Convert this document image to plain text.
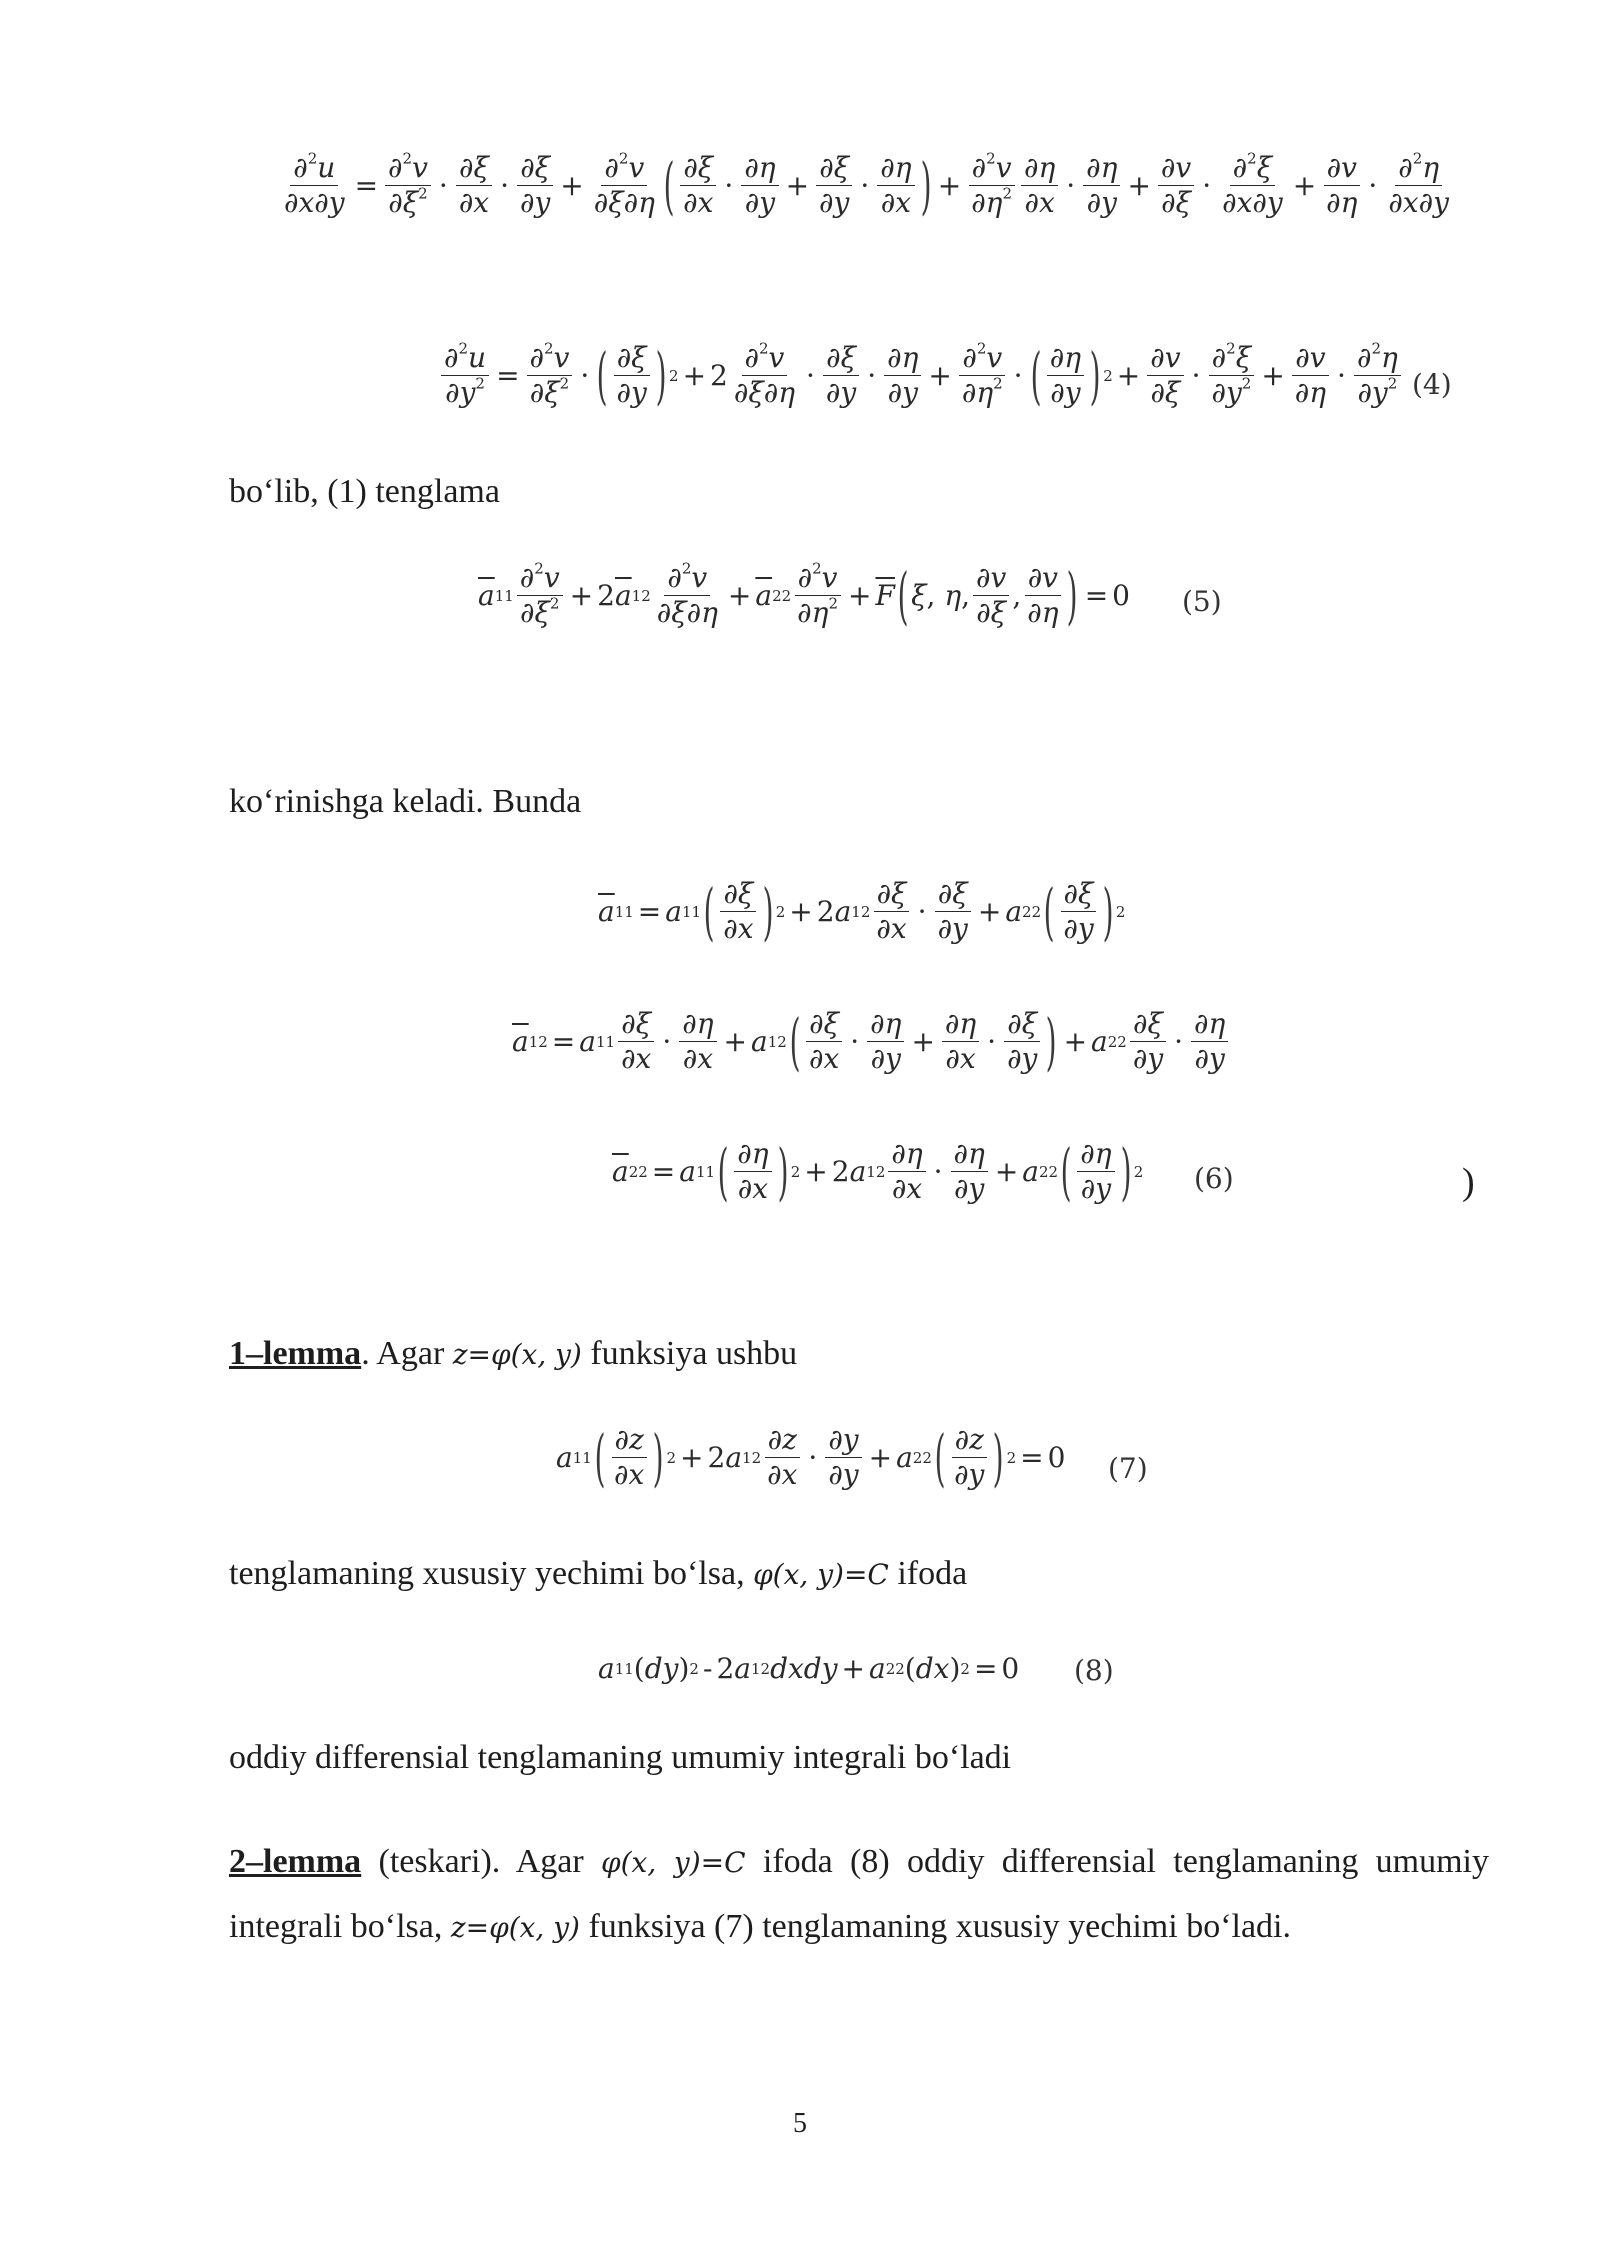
$\frac{\partial^2u}{\partial x\partial y} = \frac{\partial^2v}{\partial\xi^2} \cdot \frac{\partial\xi}{\partial x} \cdot \frac{\partial\xi}{\partial y} + \frac{\partial^2v}{\partial\xi\partial\eta}$ ( $\frac{\partial\xi}{\partial x} \cdot \frac{\partial\eta}{\partial y} + \frac{\partial\xi}{\partial y} \cdot \frac{\partial\eta}{\partial x}$ ) + $\frac{\partial^2v}{\partial\eta^2} \frac{\partial\eta}{\partial x} \cdot \frac{\partial\eta}{\partial y} + \frac{\partial v}{\partial\xi} \cdot \frac{\partial^2\xi}{\partial x\partial y} + \frac{\partial v}{\partial\eta} \cdot \frac{\partial^2\eta}{\partial x\partial y}$
$\frac{\partial^2u}{\partial y^2} = \frac{\partial^2v}{\partial\xi^2}$ · ( $\frac{\partial\xi}{\partial y}$ ) $2 + 2 \frac{\partial^2v}{\partial\xi\partial\eta} \cdot \frac{\partial\xi}{\partial y} \cdot \frac{\partial\eta}{\partial y} + \frac{\partial^2v}{\partial\eta^2}$ · ( $\frac{\partial\eta}{\partial y}$ ) $2 + \frac{\partial v}{\partial\xi} \cdot \frac{\partial^2\xi}{\partial y^2} + \frac{\partial v}{\partial\eta} \cdot \frac{\partial^2\eta}{\partial y^2} (4)$
bo‘lib, (1) tenglama
$\overline{a}$ $11 \frac{\partial^2v}{\partial\xi^2} + 2$ $\overline{a}$ $12 \frac{\partial^2v}{\partial\xi\partial\eta} + \overline{a}$ $22 \frac{\partial^2v}{\partial\eta^2} + \overline{F}$ ( ξ , η , $\frac{\partial v}{\partial\xi}$ , $\frac{\partial v}{\partial\eta}$ ) = 0 (5)
ko‘rinishga keladi. Bunda
$\overline{a}$ 11 = a 11 ( $\frac{\partial\xi}{\partial x}$ ) 2 + 2 a $12 \frac{\partial\xi}{\partial x} \cdot \frac{\partial\xi}{\partial y} + a$ 22 ( $\frac{\partial\xi}{\partial y}$ ) 2
$\overline{a}$ 12 = a $11 \frac{\partial\xi}{\partial x} \cdot \frac{\partial\eta}{\partial x} + a$ 12 ( $\frac{\partial\xi}{\partial x} \cdot \frac{\partial\eta}{\partial y} + \frac{\partial\eta}{\partial x} \cdot \frac{\partial\xi}{\partial y}$ ) + a $22 \frac{\partial\xi}{\partial y} \cdot \frac{\partial\eta}{\partial y}$
$\overline{a}$ 22 = a 11 ( $\frac{\partial\eta}{\partial x}$ ) 2 + 2 a $12 \frac{\partial\eta}{\partial x} \cdot \frac{\partial\eta}{\partial y} + a$ 22 ( $\frac{\partial\eta}{\partial y}$ ) 2 (6)	)
1–lemma. Agar z=φ(x, y) funksiya ushbu
a 11 ( $\frac{\partial z}{\partial x}$ ) 2 + 2 a $12 \frac{\partial z}{\partial x} \cdot \frac{\partial y}{\partial y} + a$ 22 ( $\frac{\partial z}{\partial y}$ ) 2 = 0 (7)
tenglamaning xususiy yechimi bo‘lsa, φ(x, y)=C ifoda
a 11 ( dy ) 2 - 2 a 12 dxdy + a 22 ( dx ) 2 = 0 (8)
oddiy differensial tenglamaning umumiy integrali bo‘ladi
2–lemma (teskari). Agar φ(x, y)=C ifoda (8) oddiy differensial tenglamaning umumiy integrali bo‘lsa, z=φ(x, y) funksiya (7) tenglamaning xususiy yechimi bo‘ladi.
5
